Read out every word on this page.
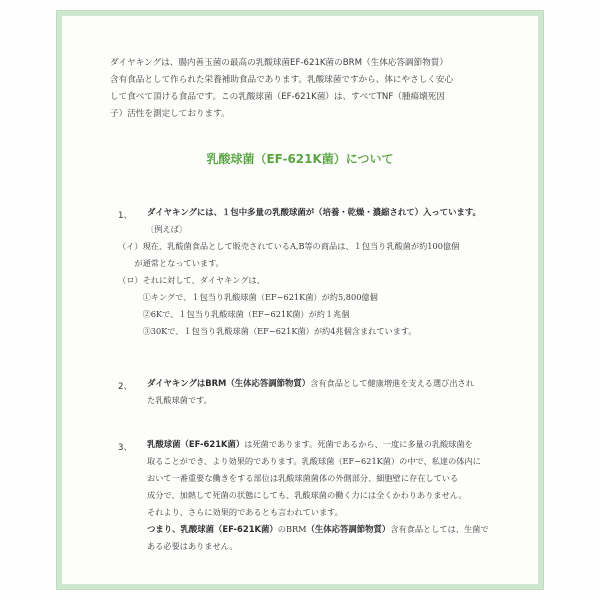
ダイヤキングは、腸内善玉菌の最高の乳酸球菌EF-621K菌のBRM（生体応答調節物質）
含有食品として作られた栄養補助食品であります。乳酸球菌ですから、体にやさしく安心
して食べて頂ける食品です。この乳酸球菌（EF-621K菌）は、すべてTNF（腫瘍壊死因
子）活性を測定しております。
乳酸球菌（EF-621K菌）について
1、 ダイヤキングには、１包中多量の乳酸球菌が（培養・乾燥・濃縮されて）入っています。
〔例えば〕
（イ）現在、乳酸菌食品として販売されているA,B等の商品は、１包当り乳酸菌が約100億個
　　が通常となっています。
（ロ）それに対して、ダイヤキングは、
　　　①キングで、１包当り乳酸球菌（EF−621K菌）が約5,800億個
　　　②6Kで、１包当り乳酸球菌（EF−621K菌）が約１兆個
　　　③30Kで、１包当り乳酸球菌（EF−621K菌）が約4兆個含まれています。
2、 ダイヤキングはBRM（生体応答調節物質）含有食品として健康増進を支える選び出され
た乳酸球菌です。
3、 乳酸球菌（EF-621K菌）は死菌であります。死菌であるから、一度に多量の乳酸球菌を
取ることができ、より効果的であります。乳酸球菌（EF−621K菌）の中で、私達の体内に
おいて一番重要な働きをする部位は乳酸球菌菌体の外側部分、細胞壁に存在している
成分で、加熱して死菌の状態にしても、乳酸球菌の働く力には全くかわりありません。
それより、さらに効果的であるとも言われています。
つまり、乳酸球菌（EF-621K菌）のBRM（生体応答調節物質）含有食品としては、生菌で
ある必要はありません。
